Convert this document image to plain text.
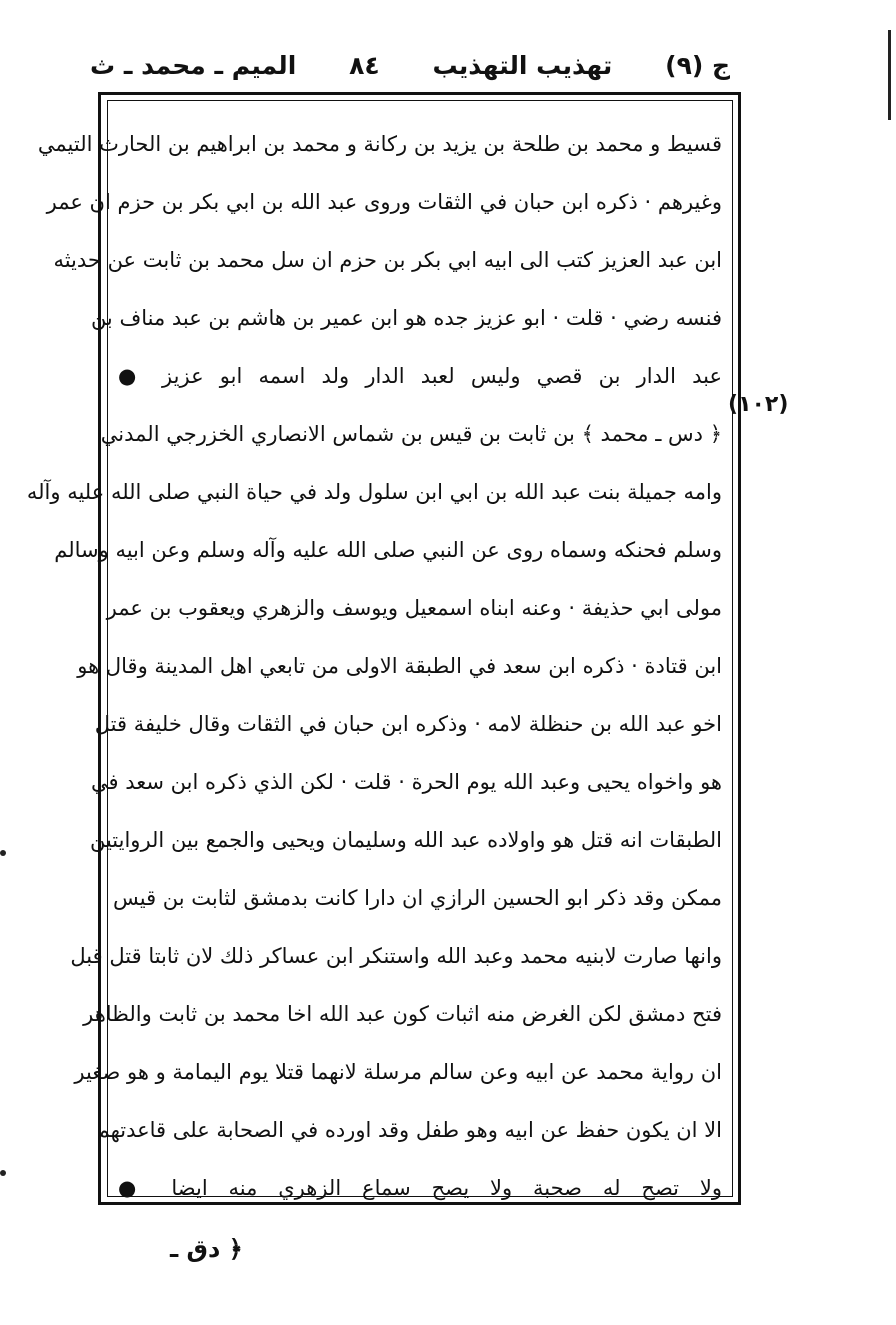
ج (٩)
تهذيب التهذيب
٨٤
الميم ـ محمد ـ ث
قسيط و محمد بن طلحة بن يزيد بن ركانة و محمد بن ابراهيم بن الحارث التيمي
وغيرهم · ذكره ابن حبان في الثقات وروى عبد الله بن ابي بكر بن حزم ان عمر
ابن عبد العزيز كتب الى ابيه ابي بكر بن حزم ان سل محمد بن ثابت عن حديثه
فنسه رضي · قلت · ابو عزيز جده هو ابن عمير بن هاشم بن عبد مناف بن
عبد الدار بن قصي وليس لعبد الدار ولد اسمه ابو عزيز ●
(١٠٢)
﴿ دس ـ محمد ﴾ بن ثابت بن قيس بن شماس الانصاري الخزرجي المدني
وامه جميلة بنت عبد الله بن ابي ابن سلول ولد في حياة النبي صلى الله عليه وآله
وسلم فحنكه وسماه روى عن النبي صلى الله عليه وآله وسلم وعن ابيه وسالم
مولى ابي حذيفة · وعنه ابناه اسمعيل ويوسف والزهري ويعقوب بن عمر
ابن قتادة · ذكره ابن سعد في الطبقة الاولى من تابعي اهل المدينة وقال هو
اخو عبد الله بن حنظلة لامه · وذكره ابن حبان في الثقات وقال خليفة قتل
هو واخواه يحيى وعبد الله يوم الحرة · قلت · لكن الذي ذكره ابن سعد في
الطبقات انه قتل هو واولاده عبد الله وسليمان ويحيى والجمع بين الروايتين
ممكن وقد ذكر ابو الحسين الرازي ان دارا كانت بدمشق لثابت بن قيس
وانها صارت لابنيه محمد وعبد الله واستنكر ابن عساكر ذلك لان ثابتا قتل قبل
فتح دمشق لكن الغرض منه اثبات كون عبد الله اخا محمد بن ثابت والظاهر
ان رواية محمد عن ابيه وعن سالم مرسلة لانهما قتلا يوم اليمامة و هو صغير
الا ان يكون حفظ عن ابيه وهو طفل وقد اورده في الصحابة على قاعدتهم
ولا تصح له صحبة ولا يصح سماع الزهري منه ايضا ●
﴿ دق ـ
